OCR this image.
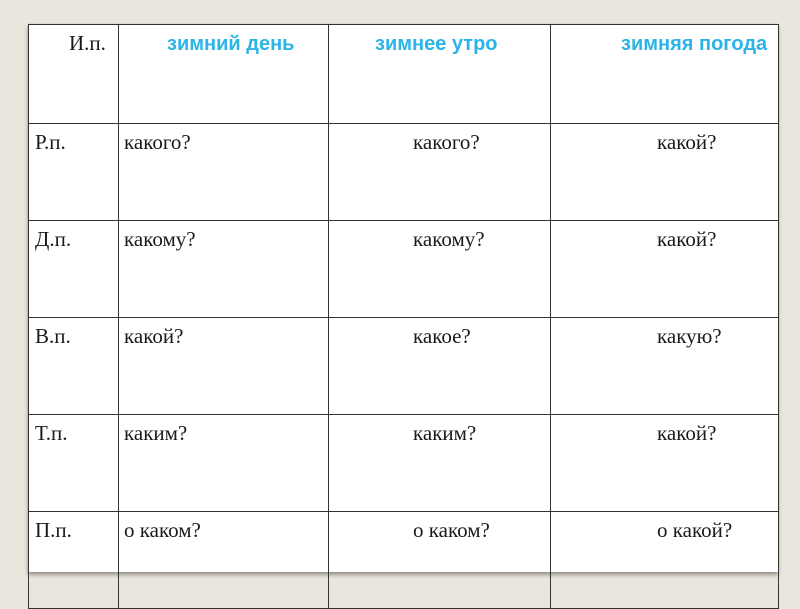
И.п.	зимний день	зимнее утро	зимняя погода

Р.п.	какого?	какого?	какой?
Д.п.	какому?	какому?	какой?
В.п.	какой?	какое?	какую?
Т.п.	каким?	каким?	какой?
П.п.	о каком?	о каком?	о какой?
